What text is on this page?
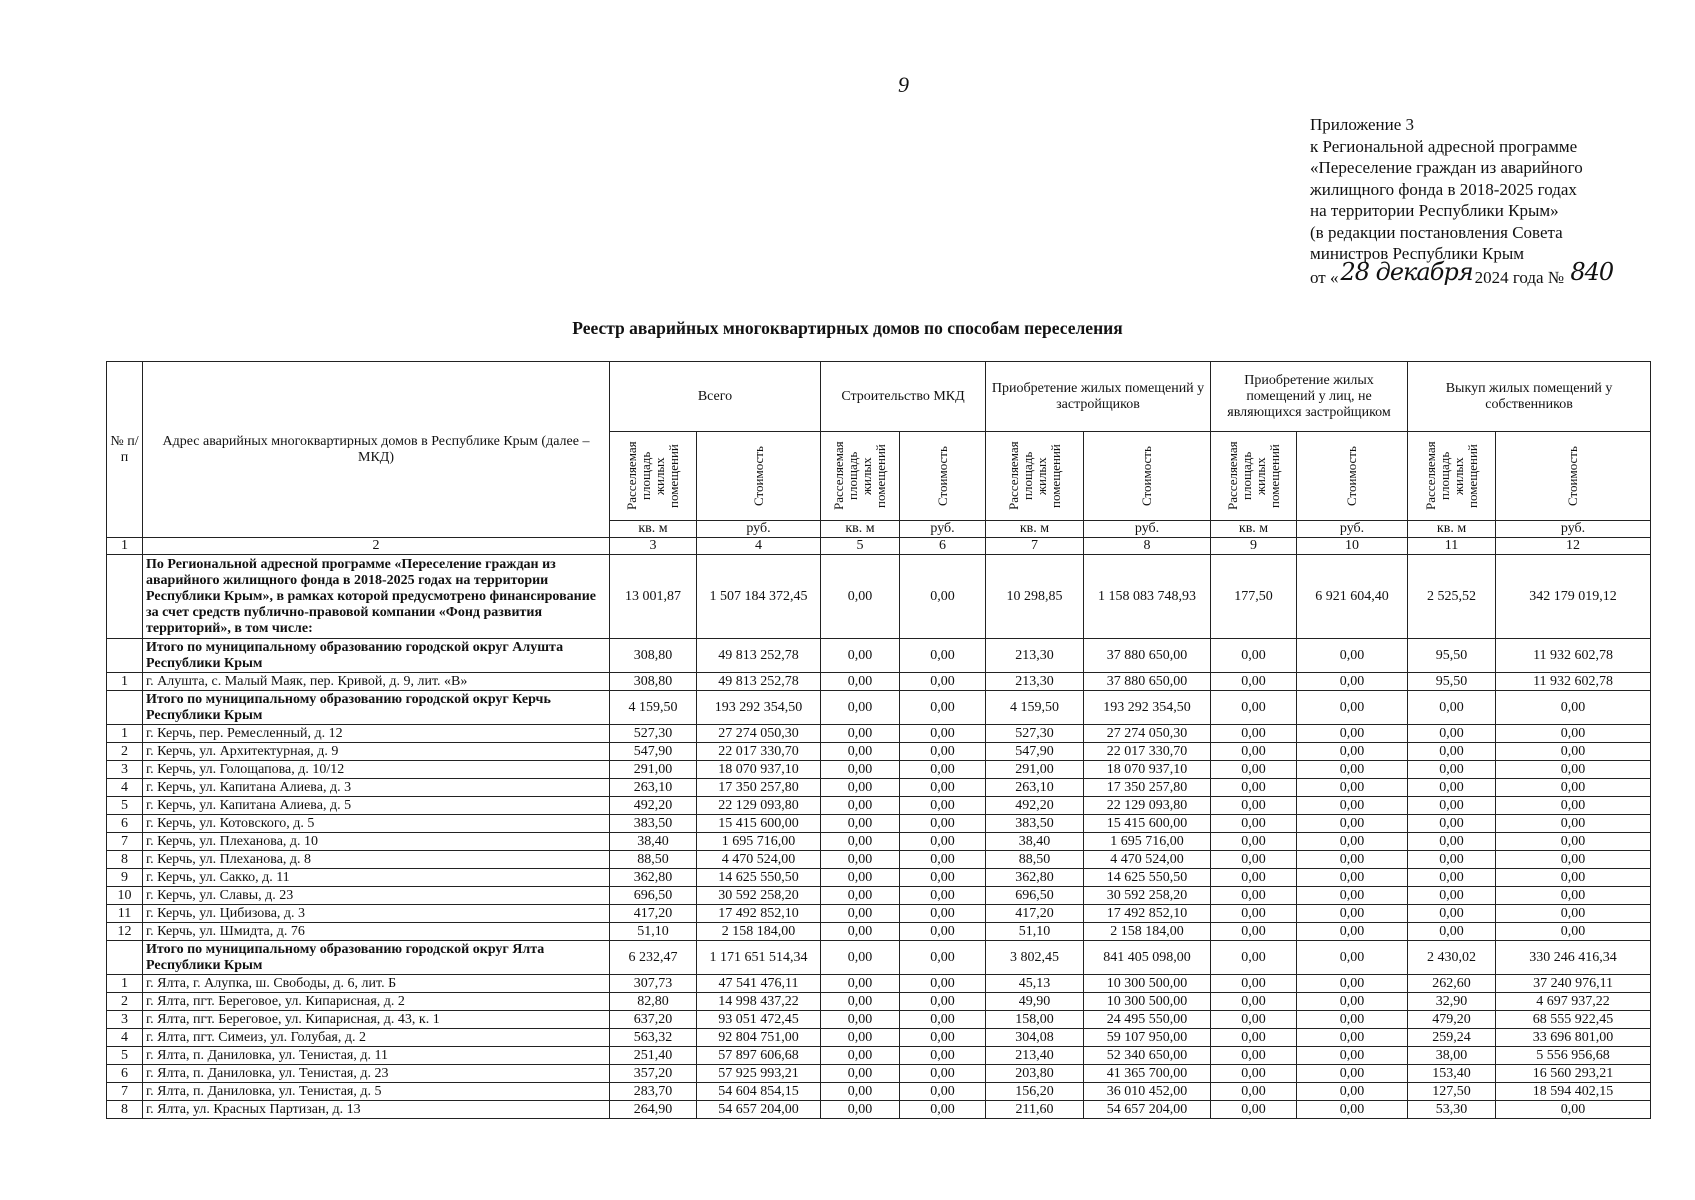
9
Приложение 3
к Региональной адресной программе
«Переселение граждан из аварийного
жилищного фонда в 2018-2025 годах
на территории Республики Крым»
(в редакции постановления Совета
министров Республики Крым
от «28 декабря 2024 года № 840
Реестр аварийных многоквартирных домов по способам переселения
№ п/п	Адрес аварийных многоквартирных домов в Республике Крым (далее – МКД)	Всего		Строительство МКД		Приобретение жилых помещений у застройщиков		Приобретение жилых помещений у лиц, не являющихся застройщиком		Выкуп жилых помещений у собственников	

		Расселяемая площадь жилых помещений	Стоимость	Расселяемая площадь жилых помещений	Стоимость	Расселяемая площадь жилых помещений	Стоимость	Расселяемая площадь жилых помещений	Стоимость	Расселяемая площадь жилых помещений	Стоимость

		кв. м	руб.	кв. м	руб.	кв. м	руб.	кв. м	руб.	кв. м	руб.
1	2	3	4	5	6	7	8	9	10	11	12
	По Региональной адресной программе «Переселение граждан из аварийного жилищного фонда в 2018-2025 годах на территории Республики Крым», в рамках которой предусмотрено финансирование за счет средств публично-правовой компании «Фонд развития территорий», в том числе:	13 001,87	1 507 184 372,45	0,00	0,00	10 298,85	1 158 083 748,93	177,50	6 921 604,40	2 525,52	342 179 019,12
	Итого по муниципальному образованию городской округ Алушта Республики Крым	308,80	49 813 252,78	0,00	0,00	213,30	37 880 650,00	0,00	0,00	95,50	11 932 602,78
1	г. Алушта, с. Малый Маяк, пер. Кривой, д. 9, лит. «В»	308,80	49 813 252,78	0,00	0,00	213,30	37 880 650,00	0,00	0,00	95,50	11 932 602,78
	Итого по муниципальному образованию городской округ Керчь Республики Крым	4 159,50	193 292 354,50	0,00	0,00	4 159,50	193 292 354,50	0,00	0,00	0,00	0,00
1	г. Керчь, пер. Ремесленный, д. 12	527,30	27 274 050,30	0,00	0,00	527,30	27 274 050,30	0,00	0,00	0,00	0,00
2	г. Керчь, ул. Архитектурная, д. 9	547,90	22 017 330,70	0,00	0,00	547,90	22 017 330,70	0,00	0,00	0,00	0,00
3	г. Керчь, ул. Голощапова, д. 10/12	291,00	18 070 937,10	0,00	0,00	291,00	18 070 937,10	0,00	0,00	0,00	0,00
4	г. Керчь, ул. Капитана Алиева, д. 3	263,10	17 350 257,80	0,00	0,00	263,10	17 350 257,80	0,00	0,00	0,00	0,00
5	г. Керчь, ул. Капитана Алиева, д. 5	492,20	22 129 093,80	0,00	0,00	492,20	22 129 093,80	0,00	0,00	0,00	0,00
6	г. Керчь, ул. Котовского, д. 5	383,50	15 415 600,00	0,00	0,00	383,50	15 415 600,00	0,00	0,00	0,00	0,00
7	г. Керчь, ул. Плеханова, д. 10	38,40	1 695 716,00	0,00	0,00	38,40	1 695 716,00	0,00	0,00	0,00	0,00
8	г. Керчь, ул. Плеханова, д. 8	88,50	4 470 524,00	0,00	0,00	88,50	4 470 524,00	0,00	0,00	0,00	0,00
9	г. Керчь, ул. Сакко, д. 11	362,80	14 625 550,50	0,00	0,00	362,80	14 625 550,50	0,00	0,00	0,00	0,00
10	г. Керчь, ул. Славы, д. 23	696,50	30 592 258,20	0,00	0,00	696,50	30 592 258,20	0,00	0,00	0,00	0,00
11	г. Керчь, ул. Цибизова, д. 3	417,20	17 492 852,10	0,00	0,00	417,20	17 492 852,10	0,00	0,00	0,00	0,00
12	г. Керчь, ул. Шмидта, д. 76	51,10	2 158 184,00	0,00	0,00	51,10	2 158 184,00	0,00	0,00	0,00	0,00
	Итого по муниципальному образованию городской округ Ялта Республики Крым	6 232,47	1 171 651 514,34	0,00	0,00	3 802,45	841 405 098,00	0,00	0,00	2 430,02	330 246 416,34
1	г. Ялта, г. Алупка, ш. Свободы, д. 6, лит. Б	307,73	47 541 476,11	0,00	0,00	45,13	10 300 500,00	0,00	0,00	262,60	37 240 976,11
2	г. Ялта, пгт. Береговое, ул. Кипарисная, д. 2	82,80	14 998 437,22	0,00	0,00	49,90	10 300 500,00	0,00	0,00	32,90	4 697 937,22
3	г. Ялта, пгт. Береговое, ул. Кипарисная, д. 43, к. 1	637,20	93 051 472,45	0,00	0,00	158,00	24 495 550,00	0,00	0,00	479,20	68 555 922,45
4	г. Ялта, пгт. Симеиз, ул. Голубая, д. 2	563,32	92 804 751,00	0,00	0,00	304,08	59 107 950,00	0,00	0,00	259,24	33 696 801,00
5	г. Ялта, п. Даниловка, ул. Тенистая, д. 11	251,40	57 897 606,68	0,00	0,00	213,40	52 340 650,00	0,00	0,00	38,00	5 556 956,68
6	г. Ялта, п. Даниловка, ул. Тенистая, д. 23	357,20	57 925 993,21	0,00	0,00	203,80	41 365 700,00	0,00	0,00	153,40	16 560 293,21
7	г. Ялта, п. Даниловка, ул. Тенистая, д. 5	283,70	54 604 854,15	0,00	0,00	156,20	36 010 452,00	0,00	0,00	127,50	18 594 402,15
8	г. Ялта, ул. Красных Партизан, д. 13	264,90	54 657 204,00	0,00	0,00	211,60	54 657 204,00	0,00	0,00	53,30	0,00
